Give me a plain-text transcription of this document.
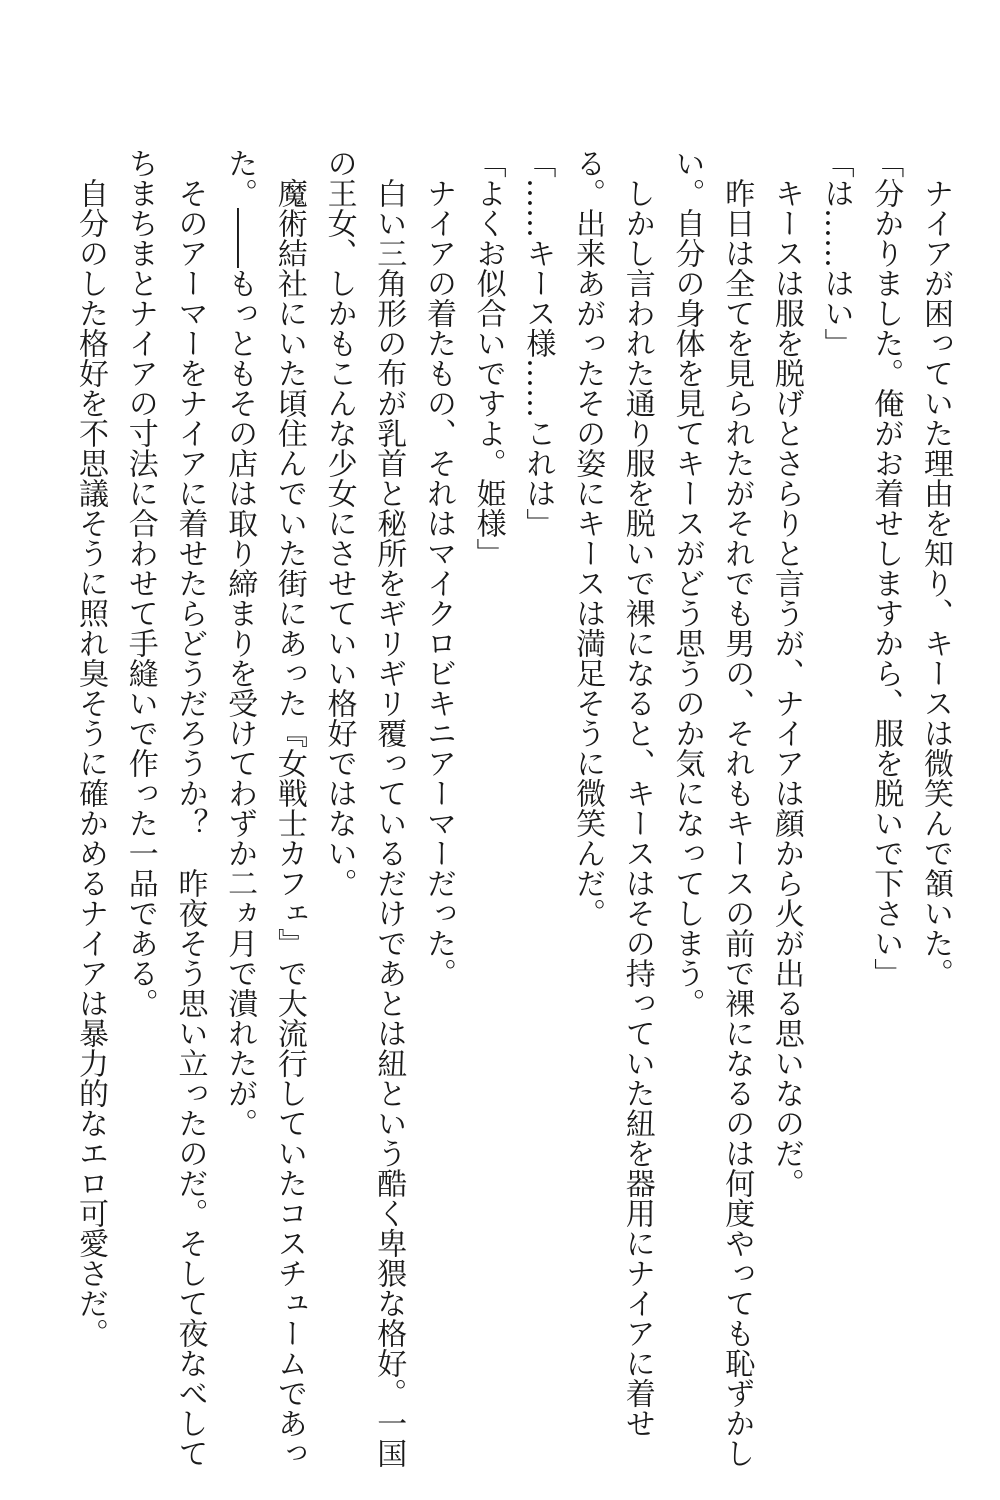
　ナイアが困っていた理由を知り、キースは微笑んで頷いた。

「分かりました。俺がお着せしますから、服を脱いで下さい」

「は……はい」

　キースは服を脱げとさらりと言うが、ナイアは顔から火が出る思いなのだ。

　昨日は全てを見られたがそれでも男の、それもキースの前で裸になるのは何度やっても恥ずかし

い。自分の身体を見てキースがどう思うのか気になってしまう。

　しかし言われた通り服を脱いで裸になると、キースはその持っていた紐を器用にナイアに着せ

る。出来あがったその姿にキースは満足そうに微笑んだ。

「……キース様……これは」

「よくお似合いですよ。姫様」

　ナイアの着たもの、それはマイクロビキニアーマーだった。

　白い三角形の布が乳首と秘所をギリギリ覆っているだけであとは紐という酷く卑猥な格好。一国

の王女、しかもこんな少女にさせていい格好ではない。

　魔術結社にいた頃住んでいた街にあった『女戦士カフェ』で大流行していたコスチュームであっ

た。――もっともその店は取り締まりを受けてわずか二ヵ月で潰れたが。

　そのアーマーをナイアに着せたらどうだろうか？　昨夜そう思い立ったのだ。そして夜なべして

ちまちまとナイアの寸法に合わせて手縫いで作った一品である。

　自分のした格好を不思議そうに照れ臭そうに確かめるナイアは暴力的なエロ可愛さだ。
